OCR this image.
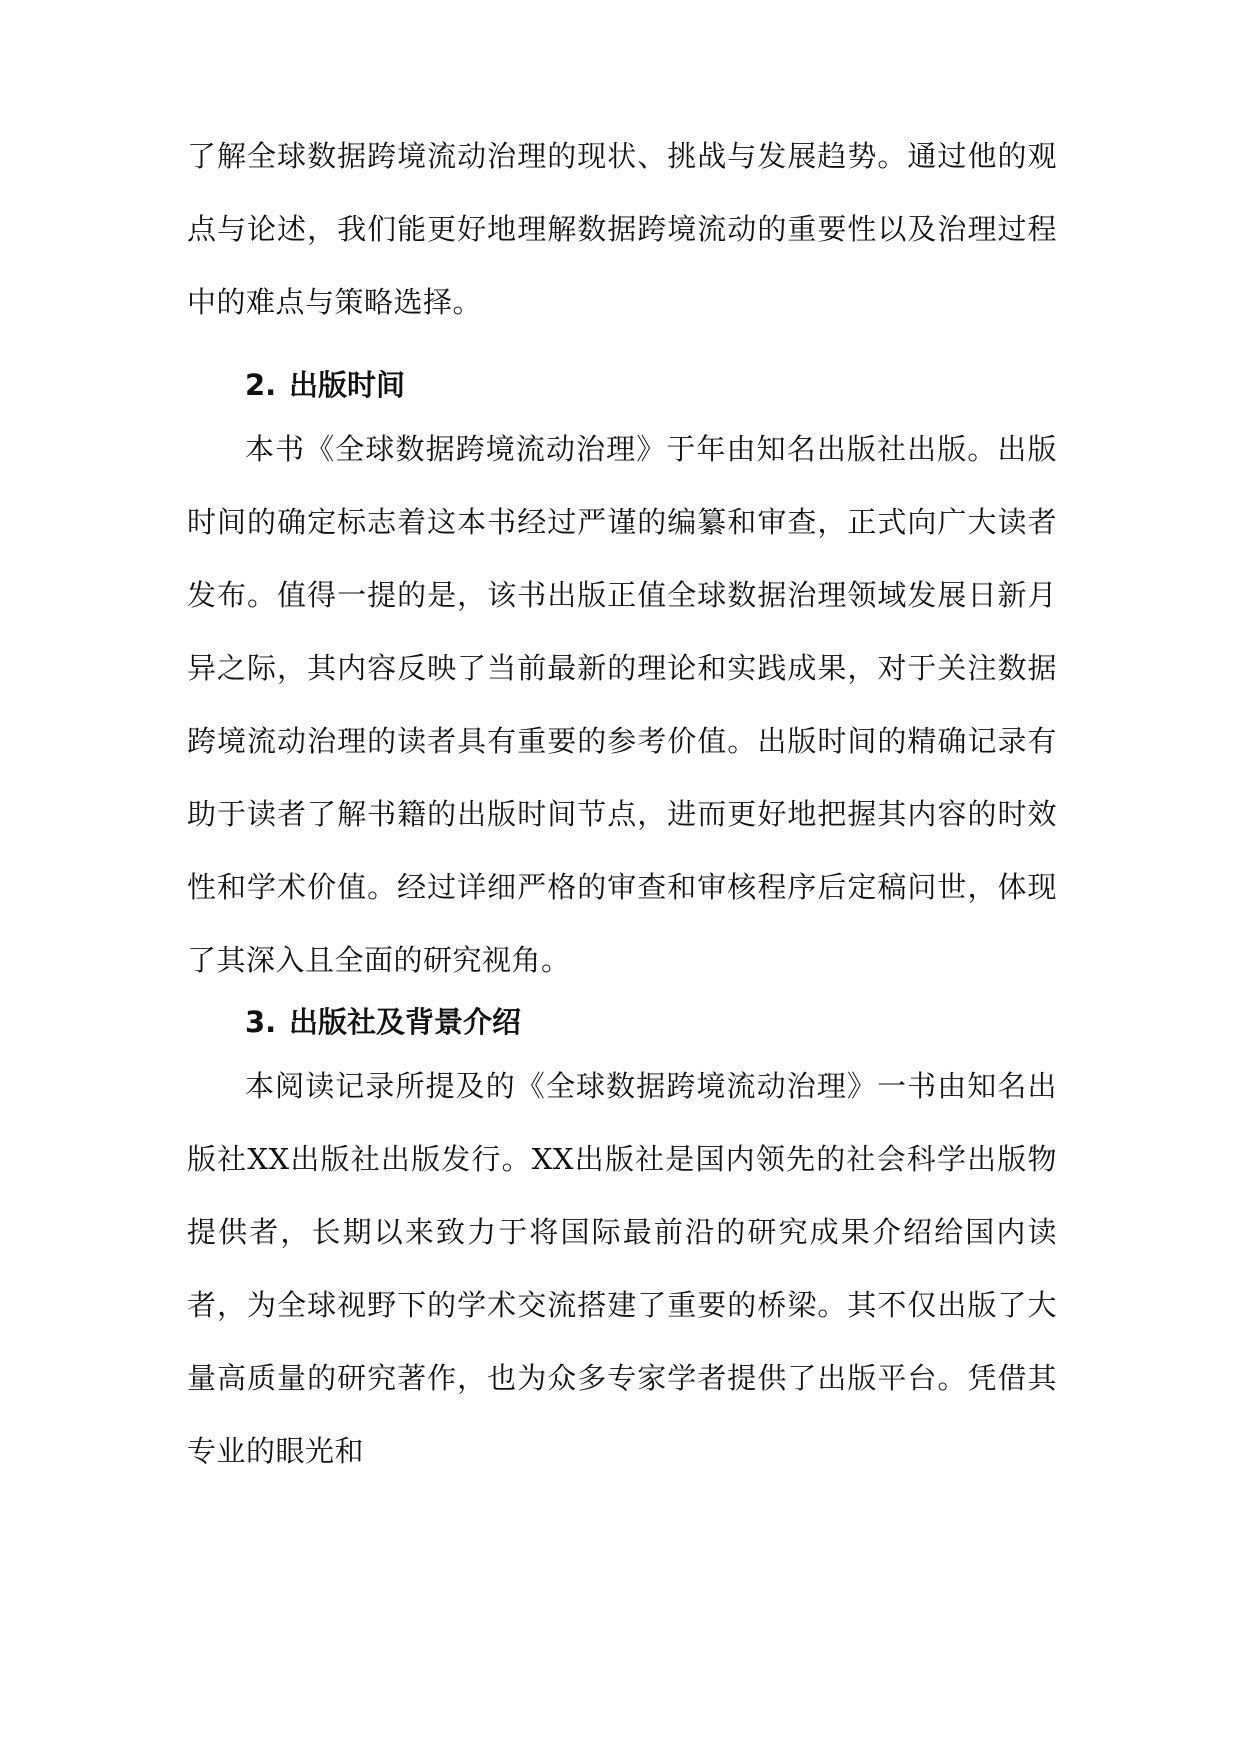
了解全球数据跨境流动治理的现状、挑战与发展趋势。通过他的观点与论述，我们能更好地理解数据跨境流动的重要性以及治理过程中的难点与策略选择。

2. 出版时间

本书《全球数据跨境流动治理》于年由知名出版社出版。出版时间的确定标志着这本书经过严谨的编纂和审查，正式向广大读者发布。值得一提的是，该书出版正值全球数据治理领域发展日新月异之际，其内容反映了当前最新的理论和实践成果，对于关注数据跨境流动治理的读者具有重要的参考价值。出版时间的精确记录有助于读者了解书籍的出版时间节点，进而更好地把握其内容的时效性和学术价值。经过详细严格的审查和审核程序后定稿问世，体现了其深入且全面的研究视角。

3. 出版社及背景介绍

本阅读记录所提及的《全球数据跨境流动治理》一书由知名出版社XX出版社出版发行。XX出版社是国内领先的社会科学出版物提供者，长期以来致力于将国际最前沿的研究成果介绍给国内读者，为全球视野下的学术交流搭建了重要的桥梁。其不仅出版了大量高质量的研究著作，也为众多专家学者提供了出版平台。凭借其专业的眼光和
